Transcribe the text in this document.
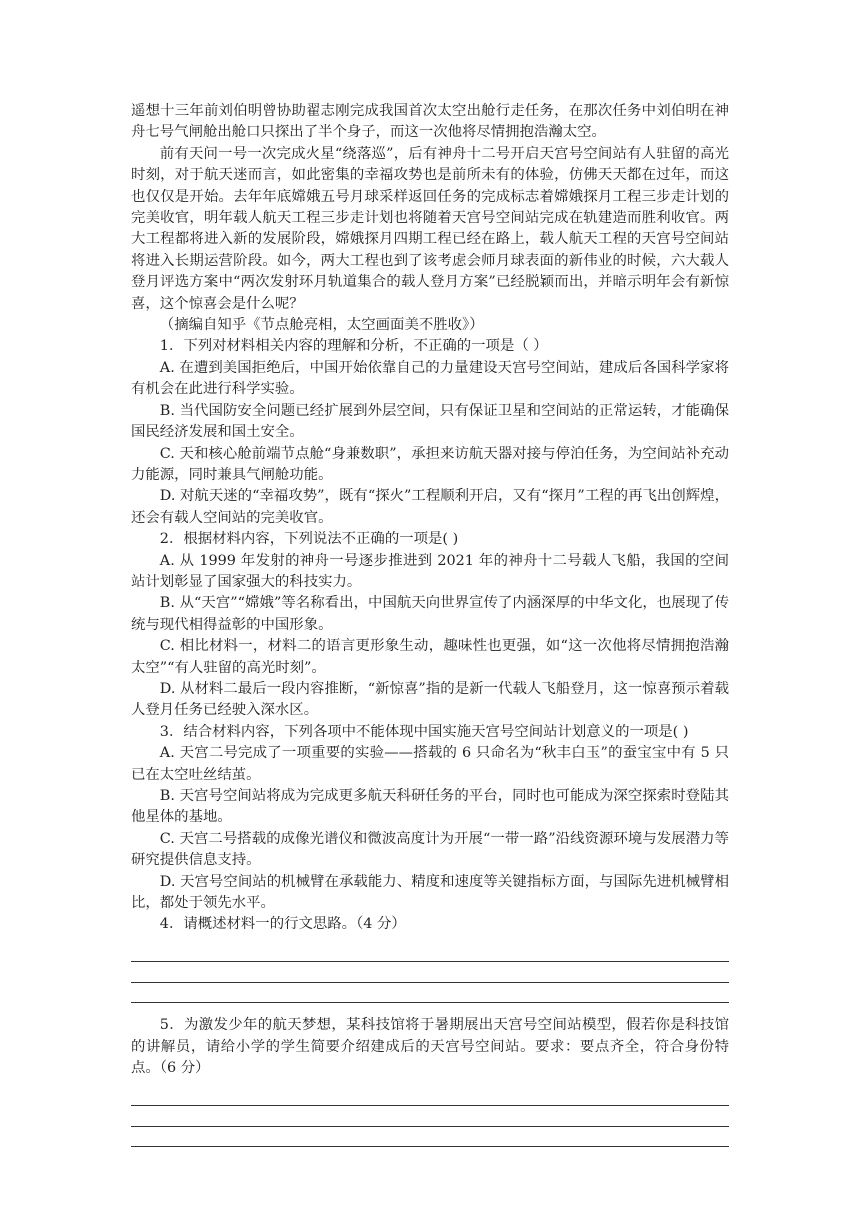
遥想十三年前刘伯明曾协助翟志刚完成我国首次太空出舱行走任务，在那次任务中刘伯明在神舟七号气闸舱出舱口只探出了半个身子，而这一次他将尽情拥抱浩瀚太空。

前有天问一号一次完成火星“绕落巡”，后有神舟十二号开启天宫号空间站有人驻留的高光时刻，对于航天迷而言，如此密集的幸福攻势也是前所未有的体验，仿佛天天都在过年，而这也仅仅是开始。去年年底嫦娥五号月球采样返回任务的完成标志着嫦娥探月工程三步走计划的完美收官，明年载人航天工程三步走计划也将随着天宫号空间站完成在轨建造而胜利收官。两大工程都将进入新的发展阶段，嫦娥探月四期工程已经在路上，载人航天工程的天宫号空间站将进入长期运营阶段。如今，两大工程也到了该考虑会师月球表面的新伟业的时候，六大载人登月评选方案中“两次发射环月轨道集合的载人登月方案”已经脱颖而出，并暗示明年会有新惊喜，这个惊喜会是什么呢？

（摘编自知乎《节点舱亮相，太空画面美不胜收》）

1．下列对材料相关内容的理解和分析，不正确的一项是（ ）

A. 在遭到美国拒绝后，中国开始依靠自己的力量建设天宫号空间站，建成后各国科学家将有机会在此进行科学实验。

B. 当代国防安全问题已经扩展到外层空间，只有保证卫星和空间站的正常运转，才能确保国民经济发展和国土安全。

C. 天和核心舱前端节点舱“身兼数职”，承担来访航天器对接与停泊任务，为空间站补充动力能源，同时兼具气闸舱功能。

D. 对航天迷的“幸福攻势”，既有“探火”工程顺利开启，又有“探月”工程的再飞出创辉煌，还会有载人空间站的完美收官。

2．根据材料内容，下列说法不正确的一项是( )

A. 从 1999 年发射的神舟一号逐步推进到 2021 年的神舟十二号载人飞船，我国的空间站计划彰显了国家强大的科技实力。

B. 从“天宫”“嫦娥”等名称看出，中国航天向世界宣传了内涵深厚的中华文化，也展现了传统与现代相得益彰的中国形象。

C. 相比材料一，材料二的语言更形象生动，趣味性也更强，如“这一次他将尽情拥抱浩瀚太空”“有人驻留的高光时刻”。

D. 从材料二最后一段内容推断，“新惊喜”指的是新一代载人飞船登月，这一惊喜预示着载人登月任务已经驶入深水区。

3．结合材料内容，下列各项中不能体现中国实施天宫号空间站计划意义的一项是( )

A. 天宫二号完成了一项重要的实验——搭载的 6 只命名为“秋丰白玉”的蚕宝宝中有 5 只已在太空吐丝结茧。

B. 天宫号空间站将成为完成更多航天科研任务的平台，同时也可能成为深空探索时登陆其他星体的基地。

C. 天宫二号搭载的成像光谱仪和微波高度计为开展“一带一路”沿线资源环境与发展潜力等研究提供信息支持。

D. 天宫号空间站的机械臂在承载能力、精度和速度等关键指标方面，与国际先进机械臂相比，都处于领先水平。

4．请概述材料一的行文思路。（4 分）

5．为激发少年的航天梦想，某科技馆将于暑期展出天宫号空间站模型，假若你是科技馆的讲解员，请给小学的学生简要介绍建成后的天宫号空间站。要求：要点齐全，符合身份特点。（6 分）
